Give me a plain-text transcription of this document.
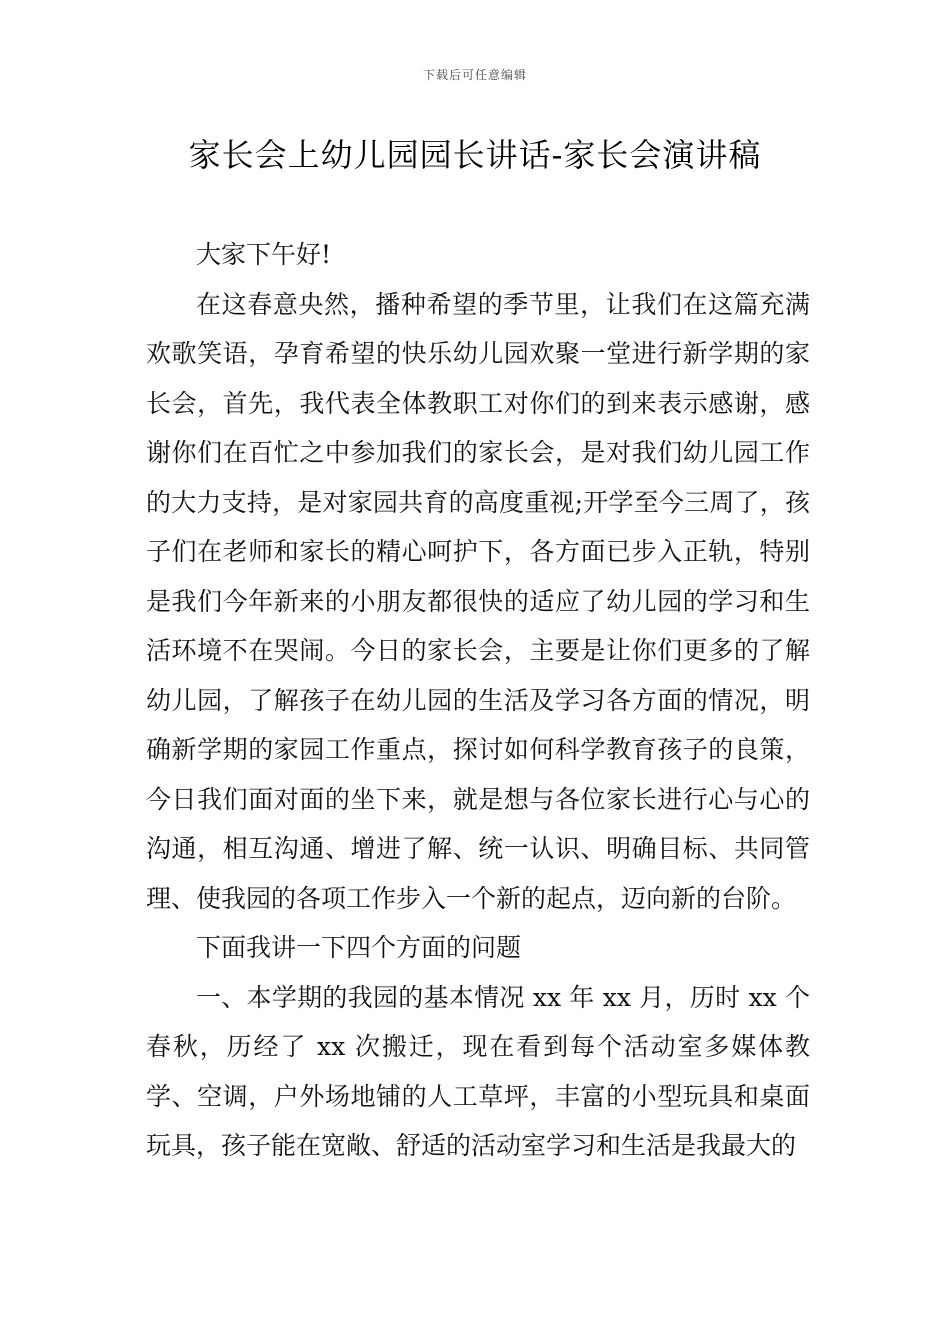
下载后可任意编辑
家长会上幼儿园园长讲话-家长会演讲稿

大家下午好!

在这春意央然，播种希望的季节里，让我们在这篇充满欢歌笑语，孕育希望的快乐幼儿园欢聚一堂进行新学期的家长会，首先，我代表全体教职工对你们的到来表示感谢，感谢你们在百忙之中参加我们的家长会，是对我们幼儿园工作的大力支持，是对家园共育的高度重视;开学至今三周了，孩子们在老师和家长的精心呵护下，各方面已步入正轨，特别是我们今年新来的小朋友都很快的适应了幼儿园的学习和生活环境不在哭闹。今日的家长会，主要是让你们更多的了解幼儿园，了解孩子在幼儿园的生活及学习各方面的情况，明确新学期的家园工作重点，探讨如何科学教育孩子的良策，今日我们面对面的坐下来，就是想与各位家长进行心与心的沟通，相互沟通、增进了解、统一认识、明确目标、共同管理、使我园的各项工作步入一个新的起点，迈向新的台阶。

下面我讲一下四个方面的问题

一、本学期的我园的基本情况 xx 年 xx 月，历时 xx 个春秋，历经了 xx 次搬迁，现在看到每个活动室多媒体教学、空调，户外场地铺的人工草坪，丰富的小型玩具和桌面玩具，孩子能在宽敞、舒适的活动室学习和生活是我最大的
